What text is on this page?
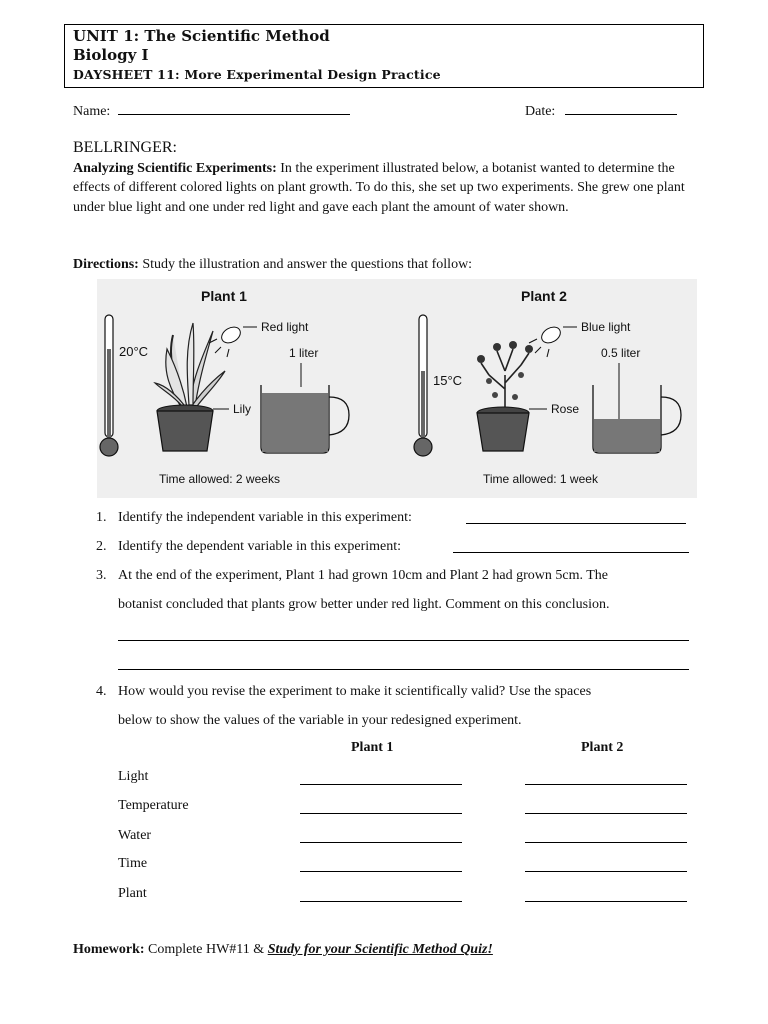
UNIT 1: The Scientific Method
Biology I
DAYSHEET 11: More Experimental Design Practice
Name:	Date:
BELLRINGER:
Analyzing Scientific Experiments: In the experiment illustrated below, a botanist wanted to determine the effects of different colored lights on plant growth. To do this, she set up two experiments. She grew one plant under blue light and one under red light and gave each plant the amount of water shown.
Directions: Study the illustration and answer the questions that follow:
Plant 1
20°C
Lily
Red light
1 liter
Time allowed: 2 weeks
Plant 2
15°C
Rose
Blue light
0.5 liter
Time allowed: 1 week
1. Identify the independent variable in this experiment:
2. Identify the dependent variable in this experiment:
3. At the end of the experiment, Plant 1 had grown 10cm and Plant 2 had grown 5cm. The
botanist concluded that plants grow better under red light. Comment on this conclusion.
4. How would you revise the experiment to make it scientifically valid? Use the spaces
below to show the values of the variable in your redesigned experiment.
Plant 1	Plant 2
Light
Temperature
Water
Time
Plant
Homework: Complete HW#11 & Study for your Scientific Method Quiz!
